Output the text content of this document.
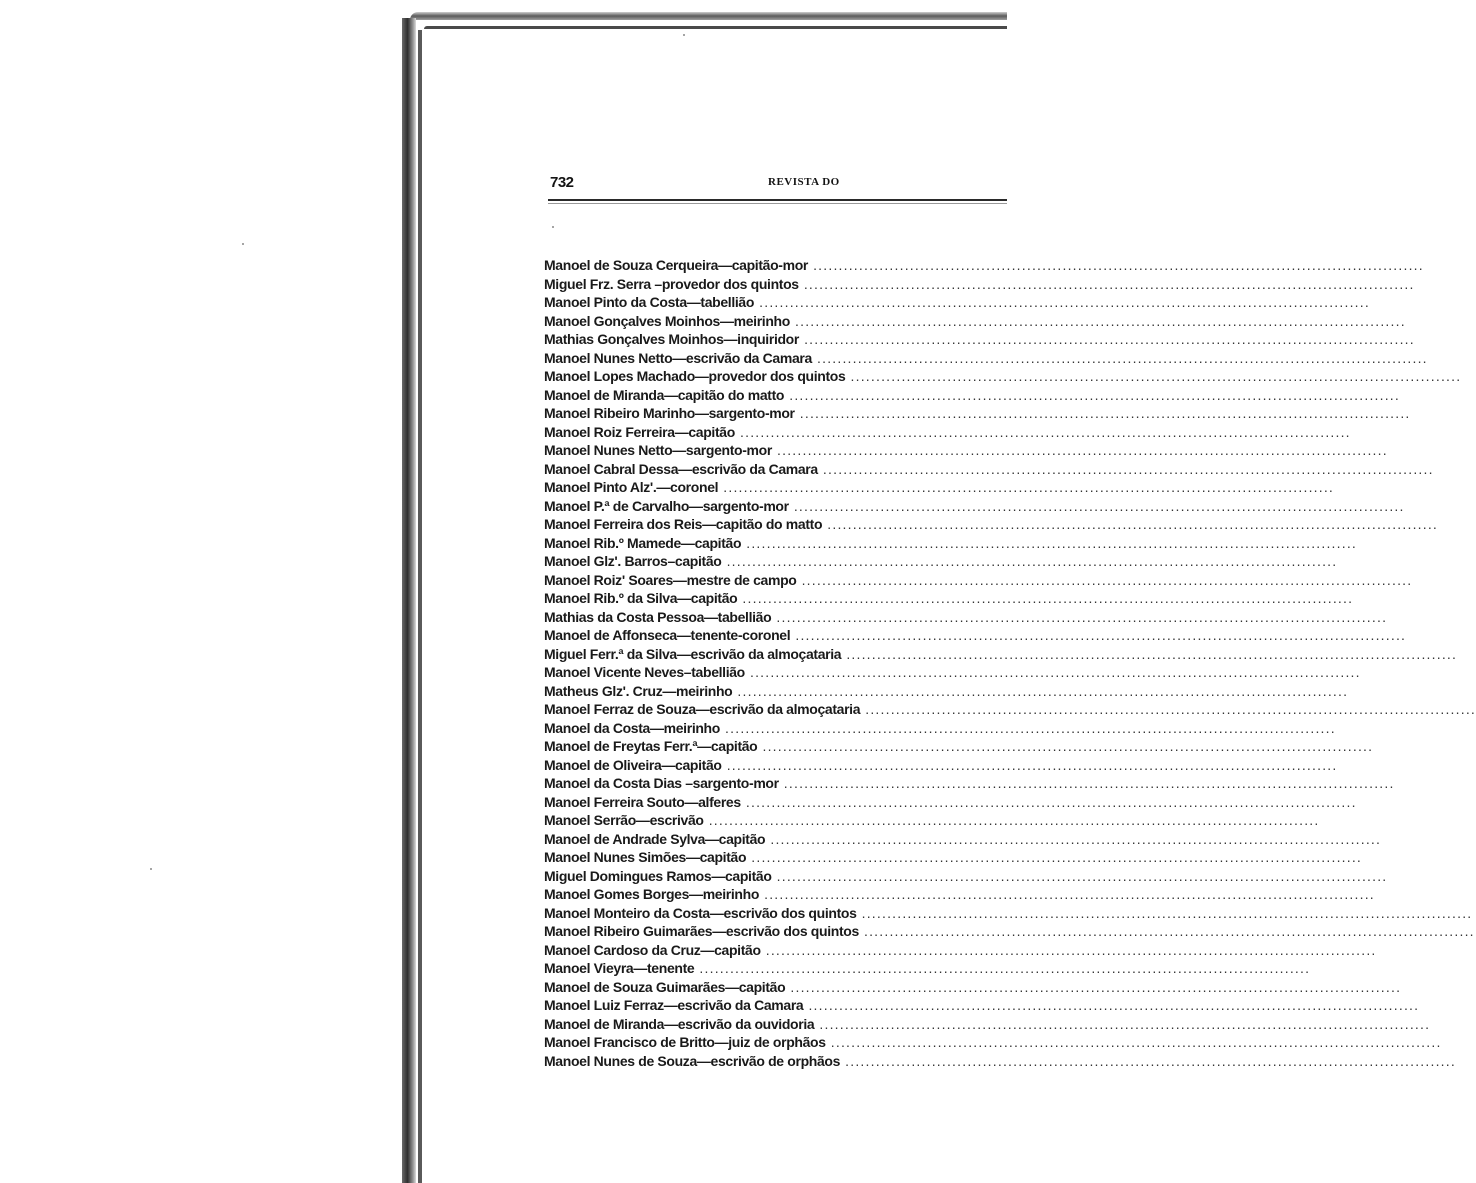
732	REVISTA DO
Manoel de Souza Cerqueira—capitão-mor ........................................................................................................................
Miguel Frz. Serra –provedor dos quintos ........................................................................................................................
Manoel Pinto da Costa—tabellião ........................................................................................................................
Manoel Gonçalves Moinhos—meirinho ........................................................................................................................
Mathias Gonçalves Moinhos—inquiridor ........................................................................................................................
Manoel Nunes Netto—escrivão da Camara ........................................................................................................................
Manoel Lopes Machado—provedor dos quintos ........................................................................................................................
Manoel de Miranda—capitão do matto ........................................................................................................................
Manoel Ribeiro Marinho—sargento-mor ........................................................................................................................
Manoel Roiz Ferreira—capitão ........................................................................................................................
Manoel Nunes Netto—sargento-mor ........................................................................................................................
Manoel Cabral Dessa—escrivão da Camara ........................................................................................................................
Manoel Pinto Alz'.—coronel ........................................................................................................................
Manoel P.ª de Carvalho—sargento-mor ........................................................................................................................
Manoel Ferreira dos Reis—capitão do matto ........................................................................................................................
Manoel Rib.º Mamede—capitão ........................................................................................................................
Manoel Glz'. Barros–capitão ........................................................................................................................
Manoel Roiz' Soares—mestre de campo ........................................................................................................................
Manoel Rib.º da Silva—capitão ........................................................................................................................
Mathias da Costa Pessoa—tabellião ........................................................................................................................
Manoel de Affonseca—tenente-coronel ........................................................................................................................
Miguel Ferr.ª da Silva—escrivão da almoçataria ........................................................................................................................
Manoel Vicente Neves–tabellião ........................................................................................................................
Matheus Glz'. Cruz—meirinho ........................................................................................................................
Manoel Ferraz de Souza—escrivão da almoçataria ........................................................................................................................
Manoel da Costa—meirinho ........................................................................................................................
Manoel de Freytas Ferr.ª—capitão ........................................................................................................................
Manoel de Oliveira—capitão ........................................................................................................................
Manoel da Costa Dias –sargento-mor ........................................................................................................................
Manoel Ferreira Souto—alferes ........................................................................................................................
Manoel Serrão—escrivão ........................................................................................................................
Manoel de Andrade Sylva—capitão ........................................................................................................................
Manoel Nunes Simões—capitão ........................................................................................................................
Miguel Domingues Ramos—capitão ........................................................................................................................
Manoel Gomes Borges—meirinho ........................................................................................................................
Manoel Monteiro da Costa—escrivão dos quintos ........................................................................................................................
Manoel Ribeiro Guimarães—escrivão dos quintos ........................................................................................................................
Manoel Cardoso da Cruz—capitão ........................................................................................................................
Manoel Vieyra—tenente ........................................................................................................................
Manoel de Souza Guimarães—capitão ........................................................................................................................
Manoel Luiz Ferraz—escrivão da Camara ........................................................................................................................
Manoel de Miranda—escrivão da ouvidoria ........................................................................................................................
Manoel Francisco de Britto—juiz de orphãos ........................................................................................................................
Manoel Nunes de Souza—escrivão de orphãos ........................................................................................................................
